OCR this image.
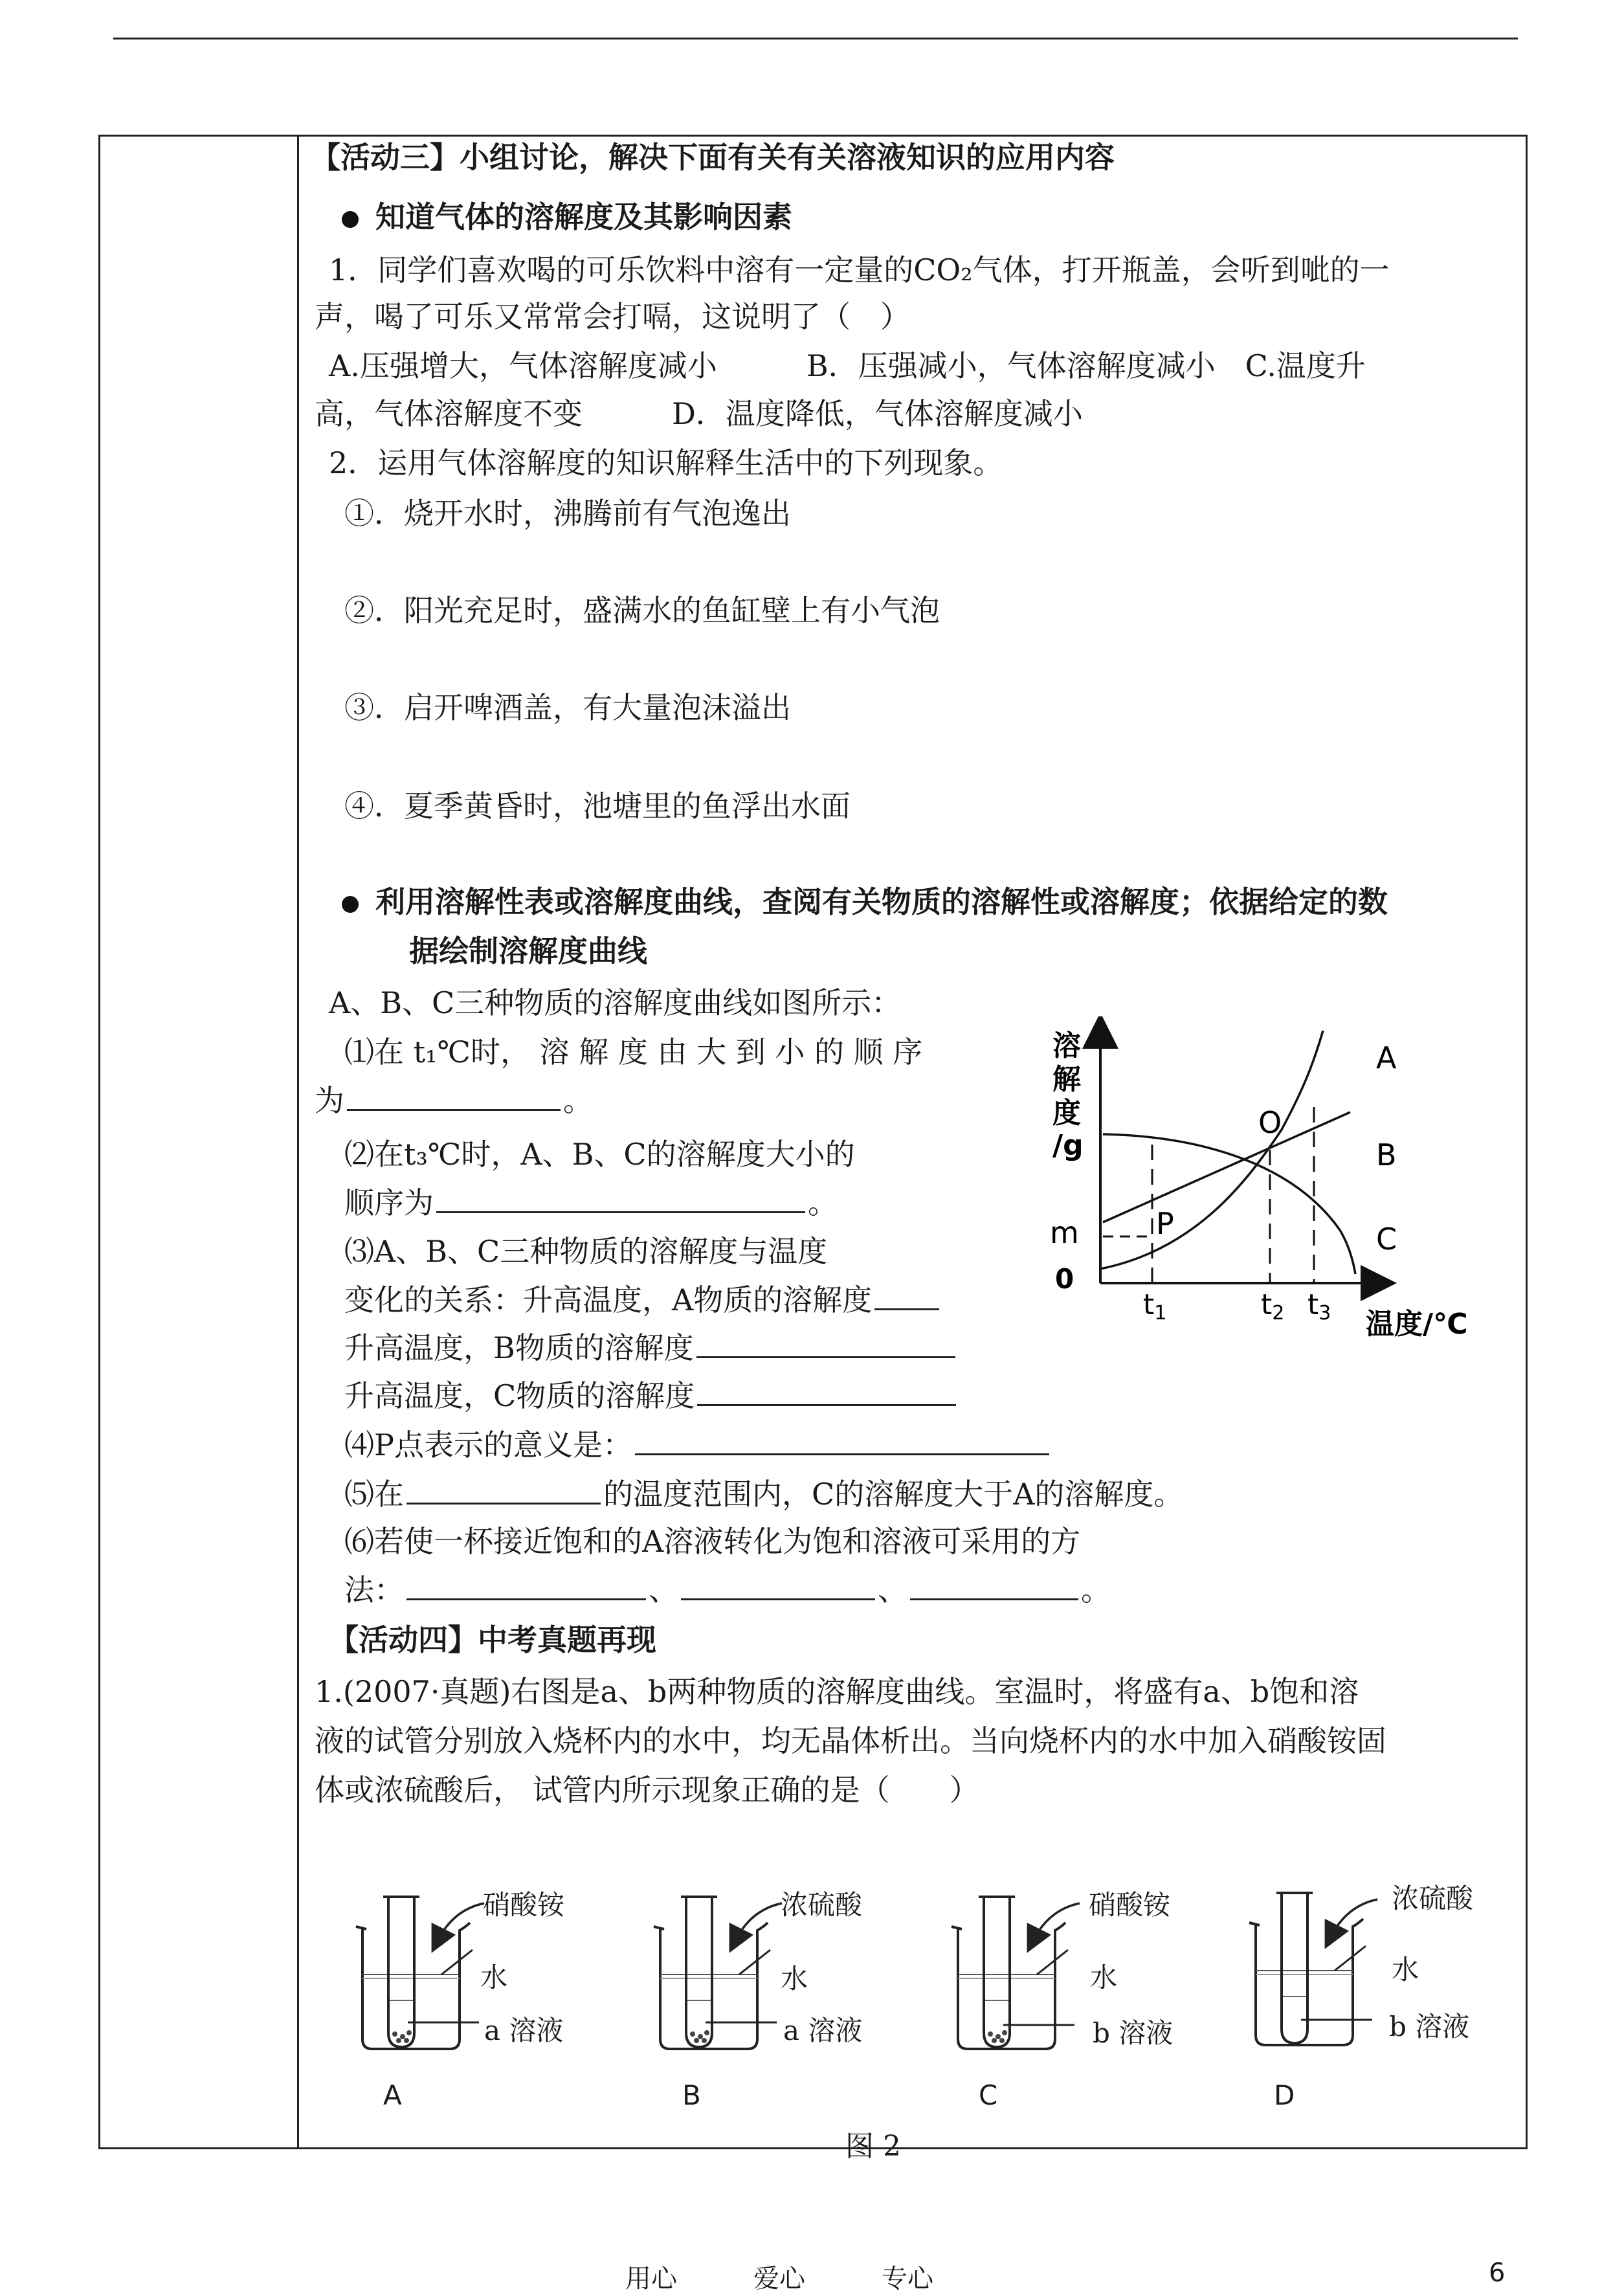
【活动三】小组讨论，解决下面有关有关溶液知识的应用内容
知道气体的溶解度及其影响因素
1．同学们喜欢喝的可乐饮料中溶有一定量的CO₂气体，打开瓶盖，会听到呲的一
声，喝了可乐又常常会打嗝，这说明了（　）
A.压强增大，气体溶解度减小　　　B．压强减小，气体溶解度减小　C.温度升
高，气体溶解度不变　　　D．温度降低，气体溶解度减小
2．运用气体溶解度的知识解释生活中的下列现象。
①．烧开水时，沸腾前有气泡逸出
②．阳光充足时，盛满水的鱼缸壁上有小气泡
③．启开啤酒盖，有大量泡沫溢出
④．夏季黄昏时，池塘里的鱼浮出水面
利用溶解性表或溶解度曲线，查阅有关物质的溶解性或溶解度；依据给定的数
据绘制溶解度曲线
A、B、C三种物质的溶解度曲线如图所示：
⑴在 t₁℃时， 溶 解 度 由 大 到 小 的 顺 序
为	。
⑵在t₃℃时，A、B、C的溶解度大小的
顺序为	。
⑶A、B、C三种物质的溶解度与温度
变化的关系：升高温度，A物质的溶解度
升高温度，B物质的溶解度
升高温度，C物质的溶解度
⑷P点表示的意义是：
⑸在	的温度范围内，C的溶解度大于A的溶解度。
⑹若使一杯接近饱和的A溶液转化为饱和溶液可采用的方
法：	、	、	。
溶
解
度
/g
m	P
O
A
B
C
0
t1	t2 t3 温度/℃
【活动四】中考真题再现
1.(2007·真题)右图是a、b两种物质的溶解度曲线。室温时，将盛有a、b饱和溶
液的试管分别放入烧杯内的水中，均无晶体析出。当向烧杯内的水中加入硝酸铵固
体或浓硫酸后， 试管内所示现象正确的是（　　）
硝酸铵
水
a 溶液
A
浓硫酸
水
a 溶液
B
硝酸铵
水
b 溶液
C
浓硫酸
水
b 溶液
D
图 2
用心	爱心	专心	6
